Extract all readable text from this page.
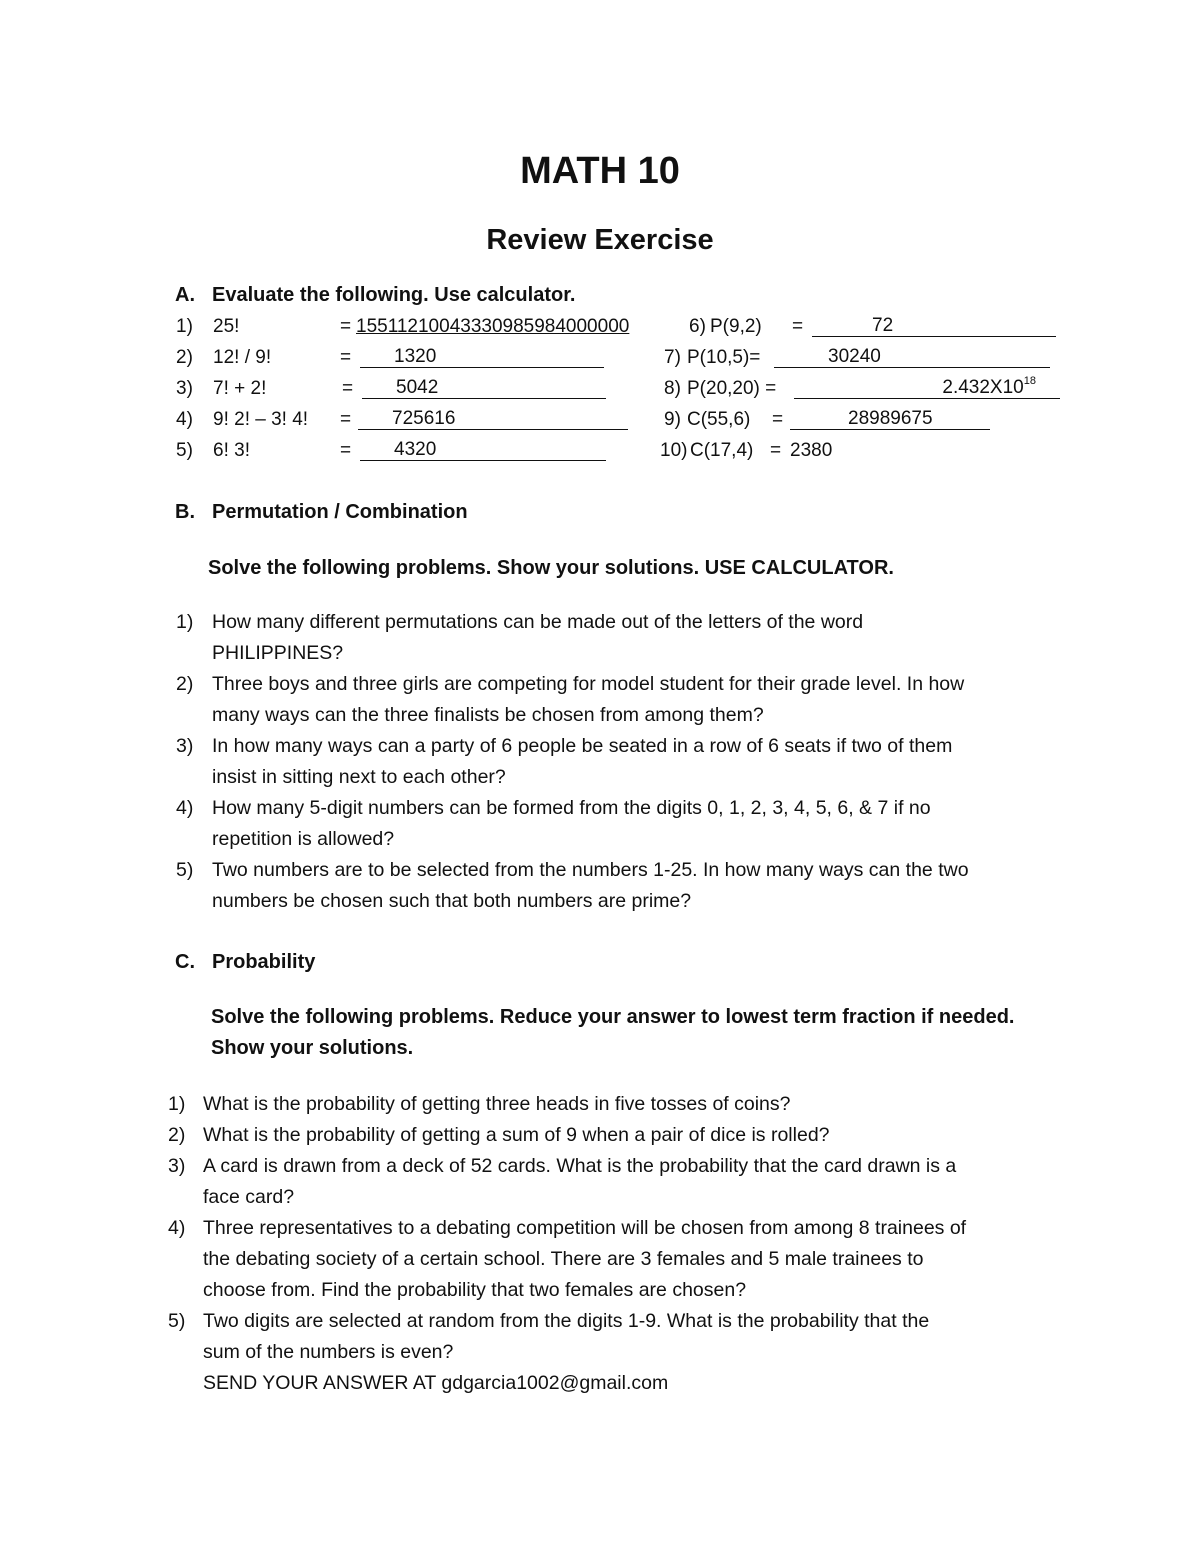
MATH 10
Review Exercise
A. Evaluate the following. Use calculator.
1) 25!	= 15511210043330985984000000	6) P(9,2) =	72
2) 12! / 9!	=	1320	7) P(10,5)=	30240
3) 7! + 2!	=	5042	8) P(20,20) =	$2.432X10^{18}$
4) 9! 2! – 3! 4! =	725616	9) C(55,6) =	28989675
5) 6! 3!	=	4320	10) C(17,4) = 2380
B. Permutation / Combination
Solve the following problems. Show your solutions. USE CALCULATOR.
1) How many different permutations can be made out of the letters of the word
PHILIPPINES?
2) Three boys and three girls are competing for model student for their grade level. In how
many ways can the three finalists be chosen from among them?
3) In how many ways can a party of 6 people be seated in a row of 6 seats if two of them
insist in sitting next to each other?
4) How many 5-digit numbers can be formed from the digits 0, 1, 2, 3, 4, 5, 6, & 7 if no
repetition is allowed?
5) Two numbers are to be selected from the numbers 1-25. In how many ways can the two
numbers be chosen such that both numbers are prime?
C. Probability
Solve the following problems. Reduce your answer to lowest term fraction if needed.
Show your solutions.
1) What is the probability of getting three heads in five tosses of coins?
2) What is the probability of getting a sum of 9 when a pair of dice is rolled?
3) A card is drawn from a deck of 52 cards. What is the probability that the card drawn is a
face card?
4) Three representatives to a debating competition will be chosen from among 8 trainees of
the debating society of a certain school. There are 3 females and 5 male trainees to
choose from. Find the probability that two females are chosen?
5) Two digits are selected at random from the digits 1-9. What is the probability that the
sum of the numbers is even?
SEND YOUR ANSWER AT gdgarcia1002@gmail.com
